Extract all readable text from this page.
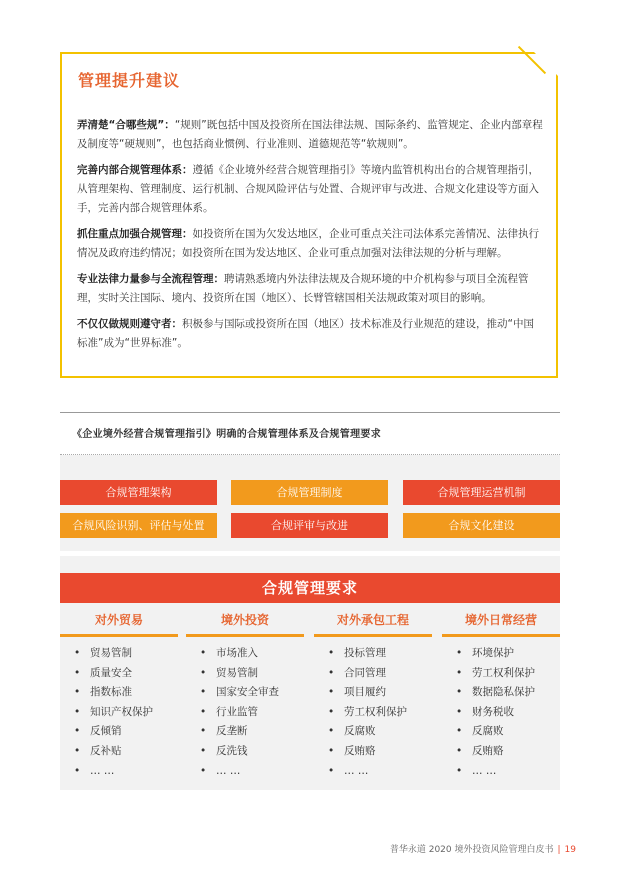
管理提升建议

弄清楚“合哪些规”：“规则”既包括中国及投资所在国法律法规、国际条约、监管规定、企业内部章程及制度等“硬规则”，也包括商业惯例、行业准则、道德规范等“软规则”。

完善内部合规管理体系：遵循《企业境外经营合规管理指引》等境内监管机构出台的合规管理指引，从管理架构、管理制度、运行机制、合规风险评估与处置、合规评审与改进、合规文化建设等方面入手，完善内部合规管理体系。

抓住重点加强合规管理：如投资所在国为欠发达地区，企业可重点关注司法体系完善情况、法律执行情况及政府违约情况；如投资所在国为发达地区、企业可重点加强对法律法规的分析与理解。

专业法律力量参与全流程管理：聘请熟悉境内外法律法规及合规环境的中介机构参与项目全流程管理，实时关注国际、境内、投资所在国（地区）、长臂管辖国相关法规政策对项目的影响。

不仅仅做规则遵守者：积极参与国际或投资所在国（地区）技术标准及行业规范的建设，推动“中国标准”成为“世界标准”。

《企业境外经营合规管理指引》明确的合规管理体系及合规管理要求
合规管理架构	合规管理制度	合规管理运营机制
合规风险识别、评估与处置	合规评审与改进	合规文化建设
合规管理要求
对外贸易
• 贸易管制
• 质量安全
• 指数标准
• 知识产权保护
• 反倾销
• 反补贴
• … …
境外投资
• 市场准入
• 贸易管制
• 国家安全审查
• 行业监管
• 反垄断
• 反洗钱
• … …
对外承包工程
• 投标管理
• 合同管理
• 项目履约
• 劳工权利保护
• 反腐败
• 反贿赂
• … …
境外日常经营
• 环境保护
• 劳工权利保护
• 数据隐私保护
• 财务税收
• 反腐败
• 反贿赂
• … …
普华永道 2020 境外投资风险管理白皮书 | 19
